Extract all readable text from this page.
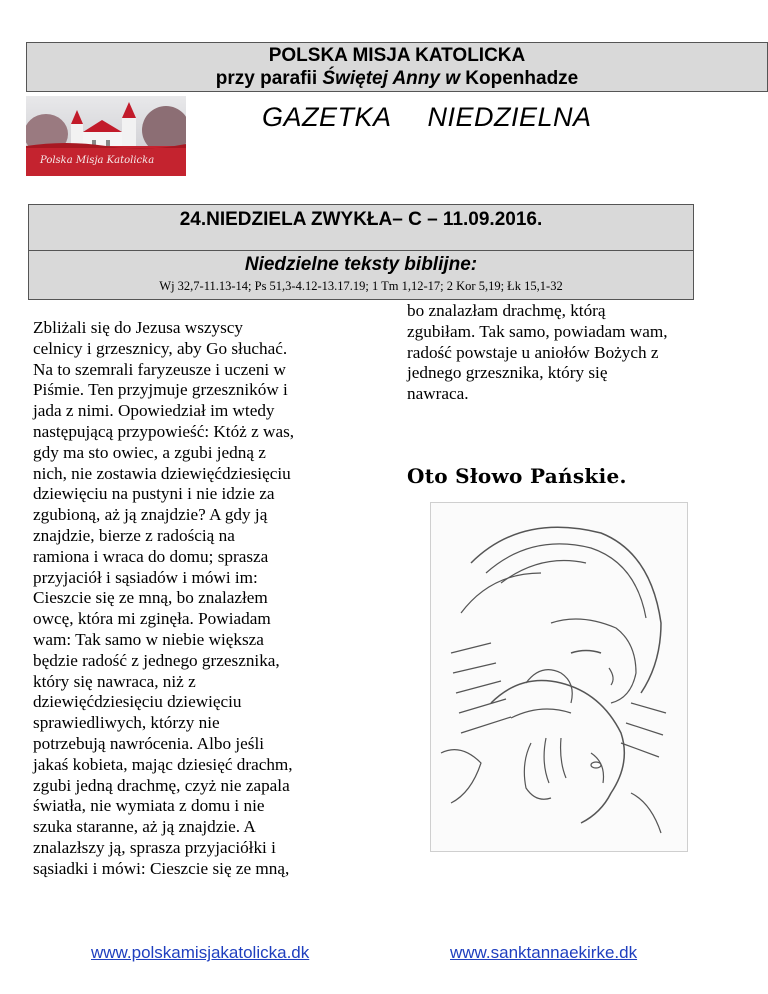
POLSKA MISJA KATOLICKA
przy parafii Świętej Anny w Kopenhadze
Polska Misja Katolicka
GAZETKA NIEDZIELNA
24.NIEDZIELA ZWYKŁA– C – 11.09.2016.
Niedzielne teksty biblijne:
Wj 32,7-11.13-14; Ps 51,3-4.12-13.17.19; 1 Tm 1,12-17; 2 Kor 5,19; Łk 15,1-32

Zbliżali się do Jezusa wszyscy

celnicy i grzesznicy, aby Go słuchać.

Na to szemrali faryzeusze i uczeni w

Piśmie. Ten przyjmuje grzeszników i

jada z nimi. Opowiedział im wtedy

następującą przypowieść: Któż z was,

gdy ma sto owiec, a zgubi jedną z

nich, nie zostawia dziewięćdziesięciu

dziewięciu na pustyni i nie idzie za

zgubioną, aż ją znajdzie? A gdy ją

znajdzie, bierze z radością na

ramiona i wraca do domu; sprasza

przyjaciół i sąsiadów i mówi im:

Cieszcie się ze mną, bo znalazłem

owcę, która mi zginęła. Powiadam

wam: Tak samo w niebie większa

będzie radość z jednego grzesznika,

który się nawraca, niż z

dziewięćdziesięciu dziewięciu

sprawiedliwych, którzy nie

potrzebują nawrócenia. Albo jeśli

jakaś kobieta, mając dziesięć drachm,

zgubi jedną drachmę, czyż nie zapala

światła, nie wymiata z domu i nie

szuka staranne, aż ją znajdzie. A

znalazłszy ją, sprasza przyjaciółki i

sąsiadki i mówi: Cieszcie się ze mną,

bo znalazłam drachmę, którą

zgubiłam. Tak samo, powiadam wam,

radość powstaje u aniołów Bożych z

jednego grzesznika, który się

nawraca.

Oto Słowo Pańskie.
www.polskamisjakatolicka.dk	www.sanktannaekirke.dk
